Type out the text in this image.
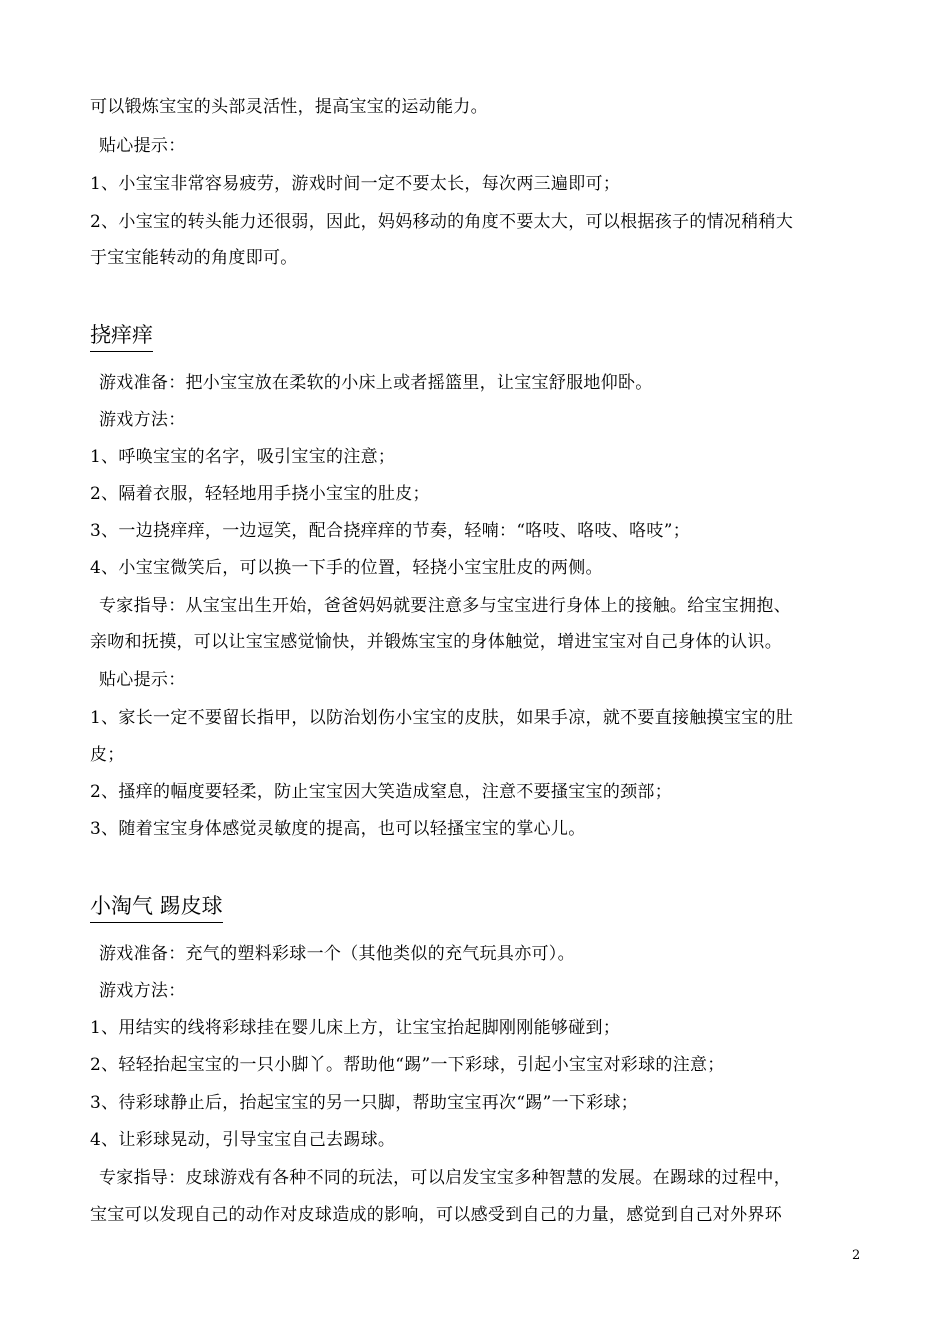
可以锻炼宝宝的头部灵活性，提高宝宝的运动能力。
贴心提示：
1、小宝宝非常容易疲劳，游戏时间一定不要太长，每次两三遍即可；
2、小宝宝的转头能力还很弱，因此，妈妈移动的角度不要太大，可以根据孩子的情况稍稍大
于宝宝能转动的角度即可。
挠痒痒
游戏准备：把小宝宝放在柔软的小床上或者摇篮里，让宝宝舒服地仰卧。
游戏方法：
1、呼唤宝宝的名字，吸引宝宝的注意；
2、隔着衣服，轻轻地用手挠小宝宝的肚皮；
3、一边挠痒痒，一边逗笑，配合挠痒痒的节奏，轻喃：“咯吱、咯吱、咯吱”；
4、小宝宝微笑后，可以换一下手的位置，轻挠小宝宝肚皮的两侧。
专家指导：从宝宝出生开始，爸爸妈妈就要注意多与宝宝进行身体上的接触。给宝宝拥抱、
亲吻和抚摸，可以让宝宝感觉愉快，并锻炼宝宝的身体触觉，增进宝宝对自己身体的认识。
贴心提示：
1、家长一定不要留长指甲，以防治划伤小宝宝的皮肤，如果手凉，就不要直接触摸宝宝的肚
皮；
2、搔痒的幅度要轻柔，防止宝宝因大笑造成窒息，注意不要搔宝宝的颈部；
3、随着宝宝身体感觉灵敏度的提高，也可以轻搔宝宝的掌心儿。
小淘气 踢皮球
游戏准备：充气的塑料彩球一个（其他类似的充气玩具亦可）。
游戏方法：
1、用结实的线将彩球挂在婴儿床上方，让宝宝抬起脚刚刚能够碰到；
2、轻轻抬起宝宝的一只小脚丫。帮助他“踢”一下彩球，引起小宝宝对彩球的注意；
3、待彩球静止后，抬起宝宝的另一只脚，帮助宝宝再次“踢”一下彩球；
4、让彩球晃动，引导宝宝自己去踢球。
专家指导：皮球游戏有各种不同的玩法，可以启发宝宝多种智慧的发展。在踢球的过程中，
宝宝可以发现自己的动作对皮球造成的影响，可以感受到自己的力量，感觉到自己对外界环
2
